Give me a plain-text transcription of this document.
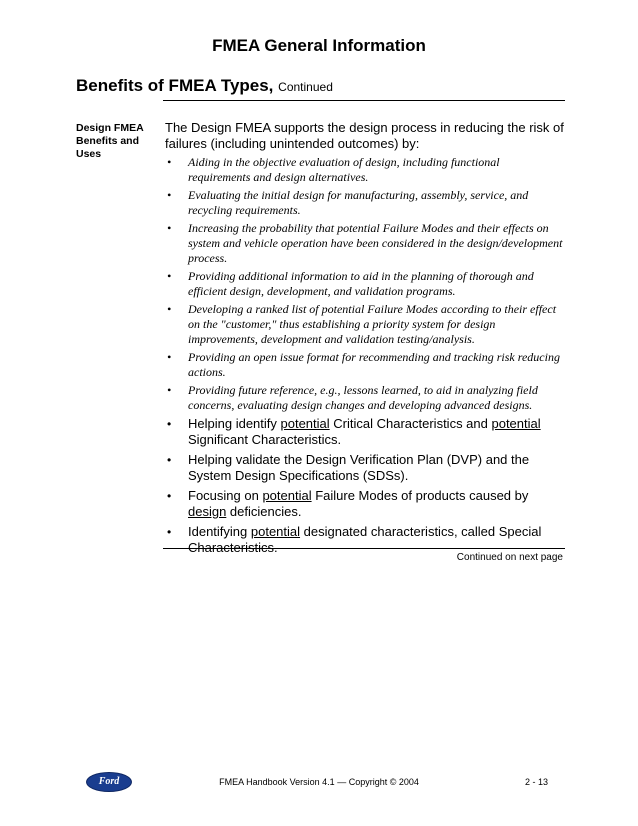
FMEA General Information
Benefits of FMEA Types, Continued
Design FMEA
Benefits and
Uses

The Design FMEA supports the design process in reducing the risk of failures (including unintended outcomes) by:

• Aiding in the objective evaluation of design, including functional requirements and design alternatives.
• Evaluating the initial design for manufacturing, assembly, service, and recycling requirements.
• Increasing the probability that potential Failure Modes and their effects on system and vehicle operation have been considered in the design/development process.
• Providing additional information to aid in the planning of thorough and efficient design, development, and validation programs.
• Developing a ranked list of potential Failure Modes according to their effect on the "customer," thus establishing a priority system for design improvements, development and validation testing/analysis.
• Providing an open issue format for recommending and tracking risk reducing actions.
• Providing future reference, e.g., lessons learned, to aid in analyzing field concerns, evaluating design changes and developing advanced designs.
• Helping identify potential Critical Characteristics and potential Significant Characteristics.
• Helping validate the Design Verification Plan (DVP) and the System Design Specifications (SDSs).
• Focusing on potential Failure Modes of products caused by design deficiencies.
• Identifying potential designated characteristics, called Special Characteristics.
Continued on next page
Ford	FMEA Handbook Version 4.1 — Copyright © 2004	2 - 13
